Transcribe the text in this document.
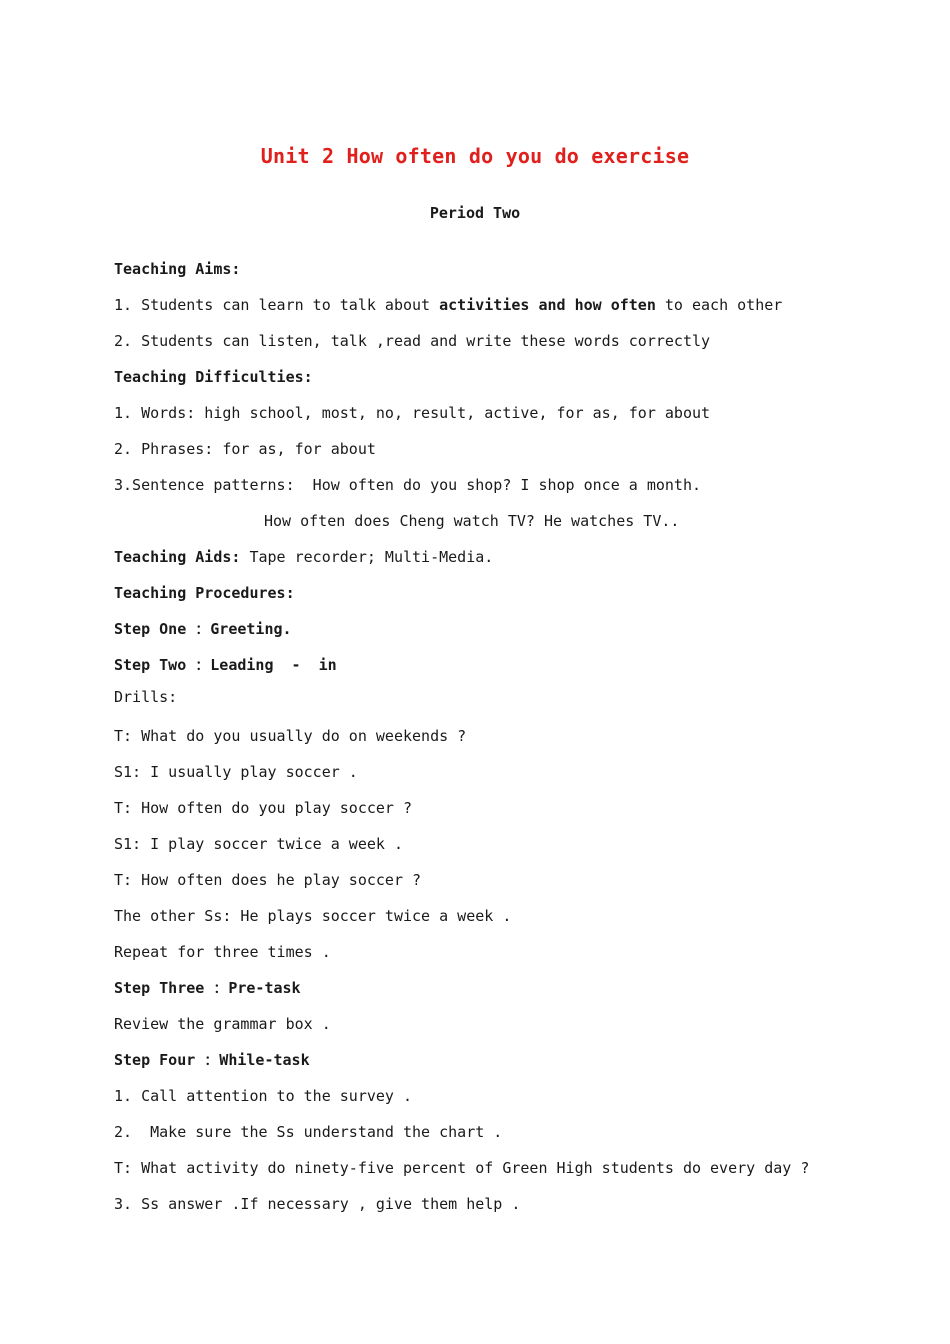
Unit 2 How often do you do exercise
Period Two
Teaching Aims:
1. Students can learn to talk about activities and how often to each other
2. Students can listen, talk ,read and write these words correctly
Teaching Difficulties:
1. Words: high school, most, no, result, active, for as, for about
2. Phrases: for as, for about
3.Sentence patterns:  How often do you shop? I shop once a month.
How often does Cheng watch TV? He watches TV..
Teaching Aids: Tape recorder; Multi-Media.
Teaching Procedures:
Step One ：Greeting.
Step Two ：Leading  -  in
Drills:
T: What do you usually do on weekends ?
S1: I usually play soccer .
T: How often do you play soccer ?
S1: I play soccer twice a week .
T: How often does he play soccer ?
The other Ss: He plays soccer twice a week .
Repeat for three times .
Step Three ：Pre-task
Review the grammar box .
Step Four ：While-task
1. Call attention to the survey .
2.  Make sure the Ss understand the chart .
T: What activity do ninety-five percent of Green High students do every day ?
3. Ss answer .If necessary , give them help .
